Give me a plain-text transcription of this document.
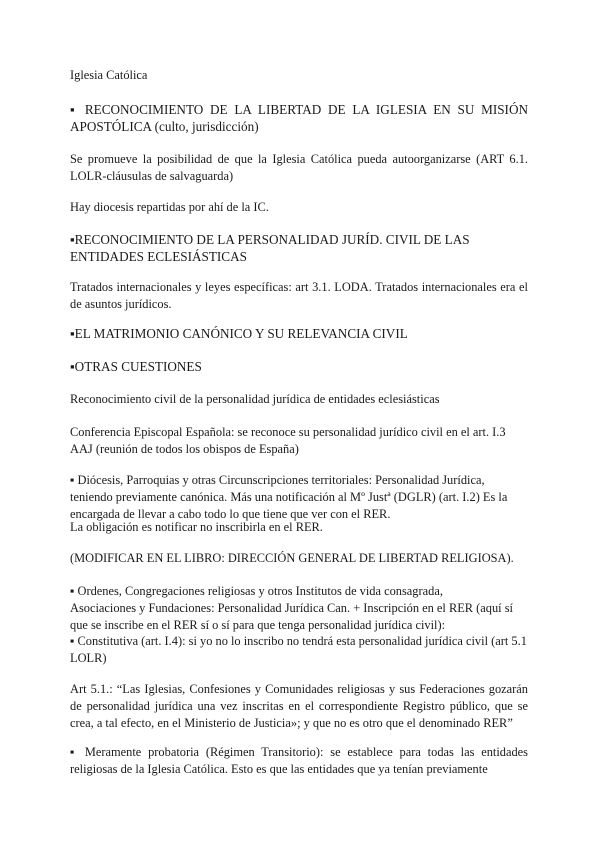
Iglesia Católica

▪ RECONOCIMIENTO DE LA LIBERTAD DE LA IGLESIA EN SU MISIÓN APOSTÓLICA (culto, jurisdicción)

Se promueve la posibilidad de que la Iglesia Católica pueda autoorganizarse (ART 6.1. LOLR-cláusulas de salvaguarda)

Hay diocesis repartidas por ahí de la IC.

▪RECONOCIMIENTO DE LA PERSONALIDAD JURÍD. CIVIL DE LAS ENTIDADES ECLESIÁSTICAS

Tratados internacionales y leyes específicas: art 3.1. LODA. Tratados internacionales era el de asuntos jurídicos.

▪EL MATRIMONIO CANÓNICO Y SU RELEVANCIA CIVIL

▪OTRAS CUESTIONES

Reconocimiento civil de la personalidad jurídica de entidades eclesiásticas

Conferencia Episcopal Española: se reconoce su personalidad jurídico civil en el art. I.3 AAJ (reunión de todos los obispos de España)

▪ Diócesis, Parroquias y otras Circunscripciones territoriales: Personalidad Jurídica, teniendo previamente canónica. Más una notificación al Mº Justª (DGLR) (art. I.2) Es la encargada de llevar a cabo todo lo que tiene que ver con el RER.

La obligación es notificar no inscribirla en el RER.

(MODIFICAR EN EL LIBRO: DIRECCIÓN GENERAL DE LIBERTAD RELIGIOSA).

▪ Ordenes, Congregaciones religiosas y otros Institutos de vida consagrada,

Asociaciones y Fundaciones: Personalidad Jurídica Can. + Inscripción en el RER (aquí sí que se inscribe en el RER sí o sí para que tenga personalidad jurídica civil):

▪ Constitutiva (art. I.4): si yo no lo inscribo no tendrá esta personalidad jurídica civil (art 5.1 LOLR)

Art 5.1.: “Las Iglesias, Confesiones y Comunidades religiosas y sus Federaciones gozarán de personalidad jurídica una vez inscritas en el correspondiente Registro público, que se crea, a tal efecto, en el Ministerio de Justicia»; y que no es otro que el denominado RER”

▪ Meramente probatoria (Régimen Transitorio): se establece para todas las entidades religiosas de la Iglesia Católica. Esto es que las entidades que ya tenían previamente
